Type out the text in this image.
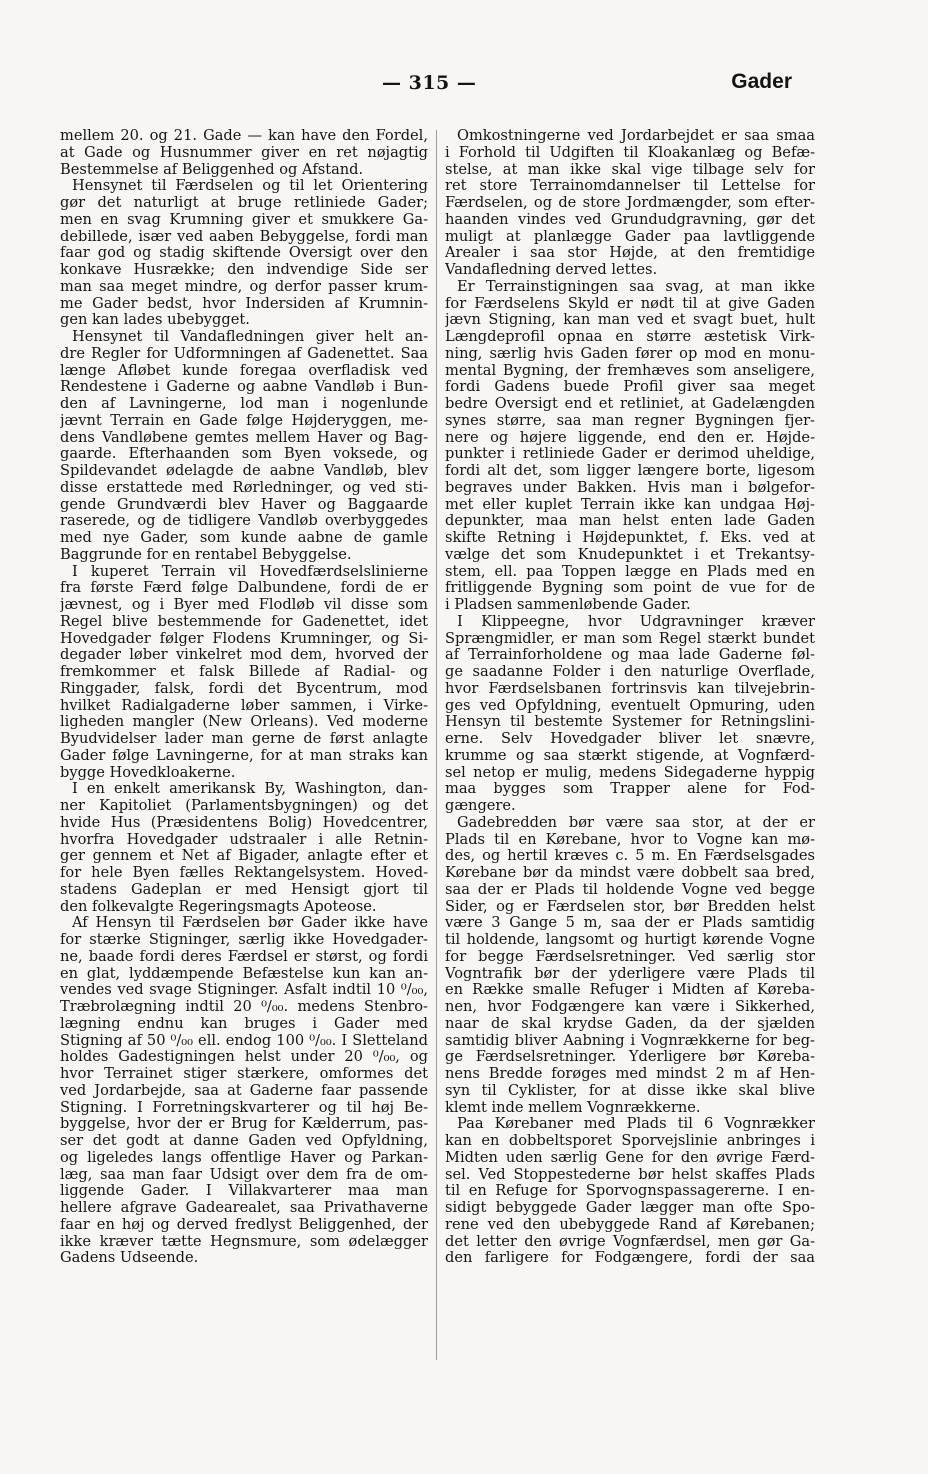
— 315 —	Gader
mellem 20. og 21. Gade — kan have den Fordel,
at Gade og Husnummer giver en ret nøjagtig
Bestemmelse af Beliggenhed og Afstand.
Hensynet til Færdselen og til let Orientering
gør det naturligt at bruge retliniede Gader;
men en svag Krumning giver et smukkere Ga-
debillede, især ved aaben Bebyggelse, fordi man
faar god og stadig skiftende Oversigt over den
konkave Husrække; den indvendige Side ser
man saa meget mindre, og derfor passer krum-
me Gader bedst, hvor Indersiden af Krumnin-
gen kan lades ubebygget.
Hensynet til Vandafledningen giver helt an-
dre Regler for Udformningen af Gadenettet. Saa
længe Afløbet kunde foregaa overfladisk ved
Rendestene i Gaderne og aabne Vandløb i Bun-
den af Lavningerne, lod man i nogenlunde
jævnt Terrain en Gade følge Højderyggen, me-
dens Vandløbene gemtes mellem Haver og Bag-
gaarde. Efterhaanden som Byen voksede, og
Spildevandet ødelagde de aabne Vandløb, blev
disse erstattede med Rørledninger, og ved sti-
gende Grundværdi blev Haver og Baggaarde
raserede, og de tidligere Vandløb overbyggedes
med nye Gader, som kunde aabne de gamle
Baggrunde for en rentabel Bebyggelse.
I kuperet Terrain vil Hovedfærdselslinierne
fra første Færd følge Dalbundene, fordi de er
jævnest, og i Byer med Flodløb vil disse som
Regel blive bestemmende for Gadenettet, idet
Hovedgader følger Flodens Krumninger, og Si-
degader løber vinkelret mod dem, hvorved der
fremkommer et falsk Billede af Radial- og
Ringgader, falsk, fordi det Bycentrum, mod
hvilket Radialgaderne løber sammen, i Virke-
ligheden mangler (New Orleans). Ved moderne
Byudvidelser lader man gerne de først anlagte
Gader følge Lavningerne, for at man straks kan
bygge Hovedkloakerne.
I en enkelt amerikansk By, Washington, dan-
ner Kapitoliet (Parlamentsbygningen) og det
hvide Hus (Præsidentens Bolig) Hovedcentrer,
hvorfra Hovedgader udstraaler i alle Retnin-
ger gennem et Net af Bigader, anlagte efter et
for hele Byen fælles Rektangelsystem. Hoved-
stadens Gadeplan er med Hensigt gjort til
den folkevalgte Regeringsmagts Apoteose.
Af Hensyn til Færdselen bør Gader ikke have
for stærke Stigninger, særlig ikke Hovedgader-
ne, baade fordi deres Færdsel er størst, og fordi
en glat, lyddæmpende Befæstelse kun kan an-
vendes ved svage Stigninger. Asfalt indtil 10 ⁰/₀₀,
Træbrolægning indtil 20 ⁰/₀₀. medens Stenbro-
lægning endnu kan bruges i Gader med
Stigning af 50 ⁰/₀₀ ell. endog 100 ⁰/₀₀. I Sletteland
holdes Gadestigningen helst under 20 ⁰/₀₀, og
hvor Terrainet stiger stærkere, omformes det
ved Jordarbejde, saa at Gaderne faar passende
Stigning. I Forretningskvarterer og til høj Be-
byggelse, hvor der er Brug for Kælderrum, pas-
ser det godt at danne Gaden ved Opfyldning,
og ligeledes langs offentlige Haver og Parkan-
læg, saa man faar Udsigt over dem fra de om-
liggende Gader. I Villakvarterer maa man
hellere afgrave Gadearealet, saa Privathaverne
faar en høj og derved fredlyst Beliggenhed, der
ikke kræver tætte Hegnsmure, som ødelægger
Gadens Udseende.
Omkostningerne ved Jordarbejdet er saa smaa
i Forhold til Udgiften til Kloakanlæg og Befæ-
stelse, at man ikke skal vige tilbage selv for
ret store Terrainomdannelser til Lettelse for
Færdselen, og de store Jordmængder, som efter-
haanden vindes ved Grundudgravning, gør det
muligt at planlægge Gader paa lavtliggende
Arealer i saa stor Højde, at den fremtidige
Vandafledning derved lettes.
Er Terrainstigningen saa svag, at man ikke
for Færdselens Skyld er nødt til at give Gaden
jævn Stigning, kan man ved et svagt buet, hult
Længdeprofil opnaa en større æstetisk Virk-
ning, særlig hvis Gaden fører op mod en monu-
mental Bygning, der fremhæves som anseligere,
fordi Gadens buede Profil giver saa meget
bedre Oversigt end et retliniet, at Gadelængden
synes større, saa man regner Bygningen fjer-
nere og højere liggende, end den er. Højde-
punkter i retliniede Gader er derimod uheldige,
fordi alt det, som ligger længere borte, ligesom
begraves under Bakken. Hvis man i bølgefor-
met eller kuplet Terrain ikke kan undgaa Høj-
depunkter, maa man helst enten lade Gaden
skifte Retning i Højdepunktet, f. Eks. ved at
vælge det som Knudepunktet i et Trekantsy-
stem, ell. paa Toppen lægge en Plads med en
fritliggende Bygning som point de vue for de
i Pladsen sammenløbende Gader.
I Klippeegne, hvor Udgravninger kræver
Sprængmidler, er man som Regel stærkt bundet
af Terrainforholdene og maa lade Gaderne føl-
ge saadanne Folder i den naturlige Overflade,
hvor Færdselsbanen fortrinsvis kan tilvejebrin-
ges ved Opfyldning, eventuelt Opmuring, uden
Hensyn til bestemte Systemer for Retningslini-
erne. Selv Hovedgader bliver let snævre,
krumme og saa stærkt stigende, at Vognfærd-
sel netop er mulig, medens Sidegaderne hyppig
maa bygges som Trapper alene for Fod-
gængere.
Gadebredden bør være saa stor, at der er
Plads til en Kørebane, hvor to Vogne kan mø-
des, og hertil kræves c. 5 m. En Færdselsgades
Kørebane bør da mindst være dobbelt saa bred,
saa der er Plads til holdende Vogne ved begge
Sider, og er Færdselen stor, bør Bredden helst
være 3 Gange 5 m, saa der er Plads samtidig
til holdende, langsomt og hurtigt kørende Vogne
for begge Færdselsretninger. Ved særlig stor
Vogntrafik bør der yderligere være Plads til
en Række smalle Refuger i Midten af Køreba-
nen, hvor Fodgængere kan være i Sikkerhed,
naar de skal krydse Gaden, da der sjælden
samtidig bliver Aabning i Vognrækkerne for beg-
ge Færdselsretninger. Yderligere bør Køreba-
nens Bredde forøges med mindst 2 m af Hen-
syn til Cyklister, for at disse ikke skal blive
klemt inde mellem Vognrækkerne.
Paa Kørebaner med Plads til 6 Vognrækker
kan en dobbeltsporet Sporvejslinie anbringes i
Midten uden særlig Gene for den øvrige Færd-
sel. Ved Stoppestederne bør helst skaffes Plads
til en Refuge for Sporvognspassagererne. I en-
sidigt bebyggede Gader lægger man ofte Spo-
rene ved den ubebyggede Rand af Kørebanen;
det letter den øvrige Vognfærdsel, men gør Ga-
den farligere for Fodgængere, fordi der saa
